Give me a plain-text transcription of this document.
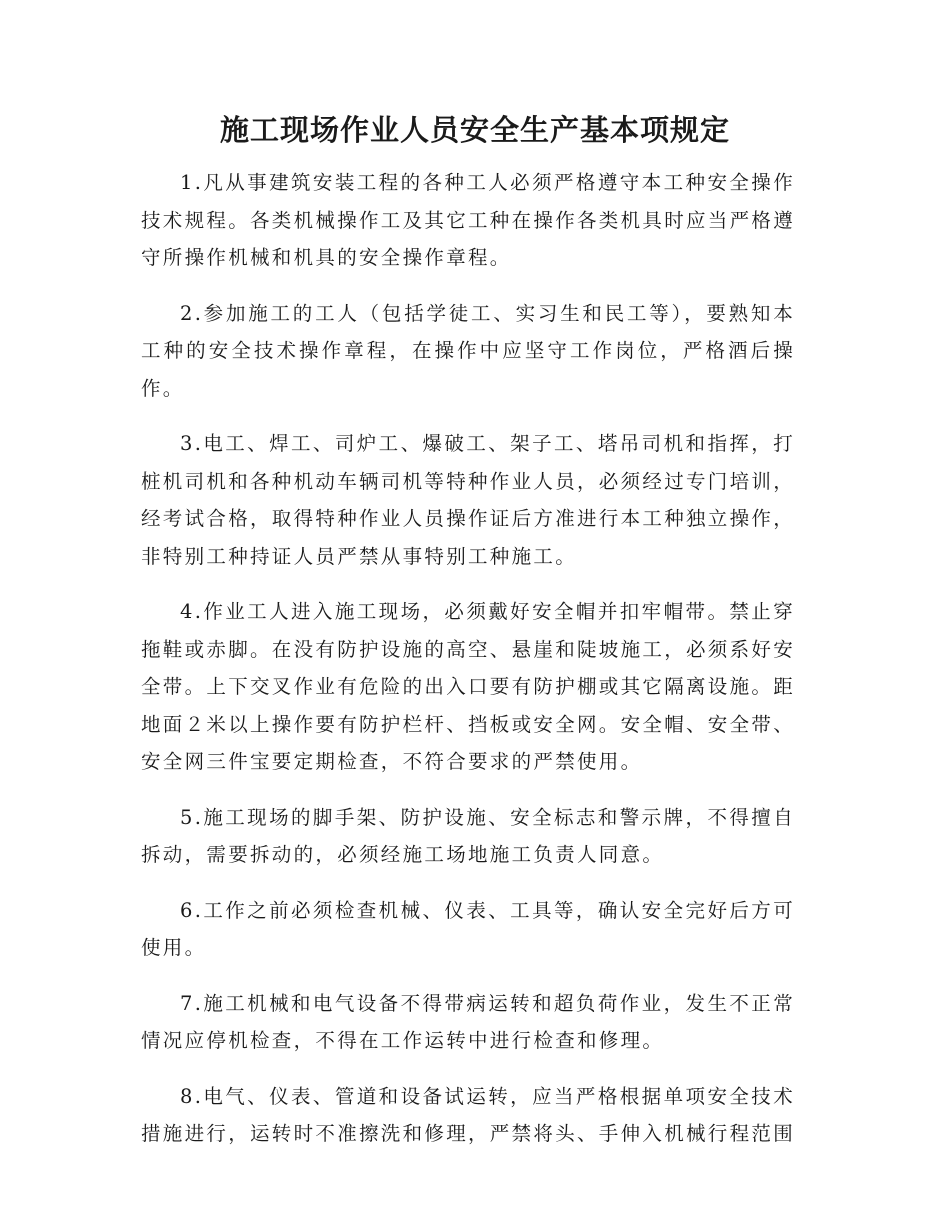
施工现场作业人员安全生产基本项规定

1.凡从事建筑安装工程的各种工人必须严格遵守本工种安全操作技术规程。各类机械操作工及其它工种在操作各类机具时应当严格遵守所操作机械和机具的安全操作章程。

2.参加施工的工人（包括学徒工、实习生和民工等），要熟知本工种的安全技术操作章程，在操作中应坚守工作岗位，严格酒后操作。

3.电工、焊工、司炉工、爆破工、架子工、塔吊司机和指挥，打桩机司机和各种机动车辆司机等特种作业人员，必须经过专门培训，经考试合格，取得特种作业人员操作证后方准进行本工种独立操作，非特别工种持证人员严禁从事特别工种施工。

4.作业工人进入施工现场，必须戴好安全帽并扣牢帽带。禁止穿拖鞋或赤脚。在没有防护设施的高空、悬崖和陡坡施工，必须系好安全带。上下交叉作业有危险的出入口要有防护棚或其它隔离设施。距地面２米以上操作要有防护栏杆、挡板或安全网。安全帽、安全带、安全网三件宝要定期检查，不符合要求的严禁使用。

5.施工现场的脚手架、防护设施、安全标志和警示牌，不得擅自拆动，需要拆动的，必须经施工场地施工负责人同意。

6.工作之前必须检查机械、仪表、工具等，确认安全完好后方可使用。

7.施工机械和电气设备不得带病运转和超负荷作业，发生不正常情况应停机检查，不得在工作运转中进行检查和修理。

8.电气、仪表、管道和设备试运转，应当严格根据单项安全技术措施进行，运转时不准擦洗和修理，严禁将头、手伸入机械行程范围
